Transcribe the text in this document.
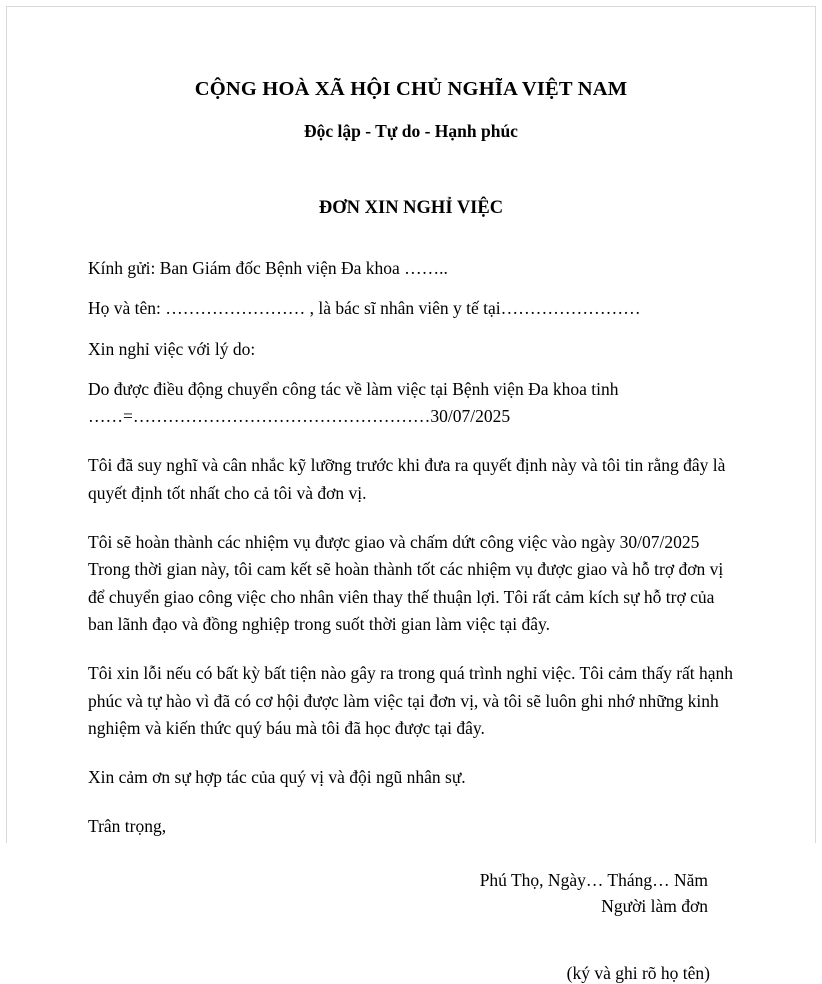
CỘNG HOÀ XÃ HỘI CHỦ NGHĨA VIỆT NAM
Độc lập - Tự do - Hạnh phúc
ĐƠN XIN NGHỈ VIỆC

Kính gửi: Ban Giám đốc Bệnh viện Đa khoa ……..

Họ và tên: …………………… , là bác sĩ nhân viên y tế tại……………………

Xin nghỉ việc với lý do:

Do được điều động chuyển công tác về làm việc tại Bệnh viện Đa khoa tinh

……=……………………………………………30/07/2025

Tôi đã suy nghĩ và cân nhắc kỹ lưỡng trước khi đưa ra quyết định này và tôi tin rằng đây là quyết định tốt nhất cho cả tôi và đơn vị.

Tôi sẽ hoàn thành các nhiệm vụ được giao và chấm dứt công việc vào ngày 30/07/2025 Trong thời gian này, tôi cam kết sẽ hoàn thành tốt các nhiệm vụ được giao và hỗ trợ đơn vị để chuyển giao công việc cho nhân viên thay thế thuận lợi. Tôi rất cảm kích sự hỗ trợ của ban lãnh đạo và đồng nghiệp trong suốt thời gian làm việc tại đây.

Tôi xin lỗi nếu có bất kỳ bất tiện nào gây ra trong quá trình nghỉ việc. Tôi cảm thấy rất hạnh phúc và tự hào vì đã có cơ hội được làm việc tại đơn vị, và tôi sẽ luôn ghi nhớ những kinh nghiệm và kiến thức quý báu mà tôi đã học được tại đây.

Xin cảm ơn sự hợp tác của quý vị và đội ngũ nhân sự.

Trân trọng,

Phú Thọ, Ngày… Tháng… Năm

Người làm đơn

(ký và ghi rõ họ tên)
